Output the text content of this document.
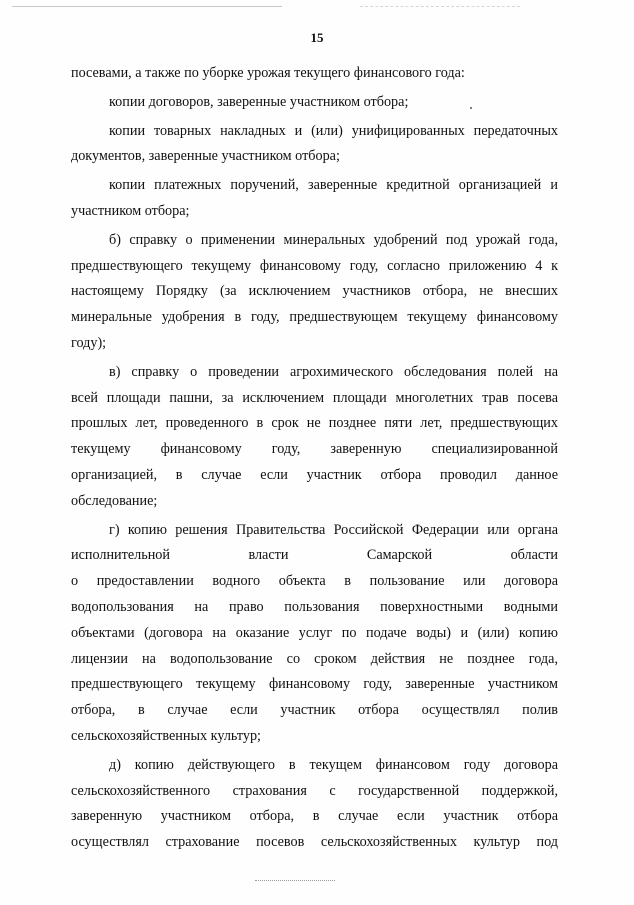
15

посевами, а также по уборке урожая текущего финансового года:

копии договоров, заверенные участником отбора;

копии товарных накладных и (или) унифицированных передаточных
документов, заверенные участником отбора;

копии платежных поручений, заверенные кредитной организацией и
участником отбора;

б) справку о применении минеральных удобрений под урожай года,
предшествующего текущему финансовому году, согласно приложению 4 к
настоящему Порядку (за исключением участников отбора, не внесших
минеральные удобрения в году, предшествующем текущему финансовому
году);

в) справку о проведении агрохимического обследования полей на
всей площади пашни, за исключением площади многолетних трав посева
прошлых лет, проведенного в срок не позднее пяти лет, предшествующих
текущему финансовому году, заверенную специализированной
организацией, в случае если участник отбора проводил данное
обследование;

г) копию решения Правительства Российской Федерации или органа
исполнительной власти Самарской области
о предоставлении водного объекта в пользование или договора
водопользования на право пользования поверхностными водными
объектами (договора на оказание услуг по подаче воды) и (или) копию
лицензии на водопользование со сроком действия не позднее года,
предшествующего текущему финансовому году, заверенные участником
отбора, в случае если участник отбора осуществлял полив
сельскохозяйственных культур;

д) копию действующего в текущем финансовом году договора
сельскохозяйственного страхования с государственной поддержкой,
заверенную участником отбора, в случае если участник отбора
осуществлял страхование посевов сельскохозяйственных культур под
